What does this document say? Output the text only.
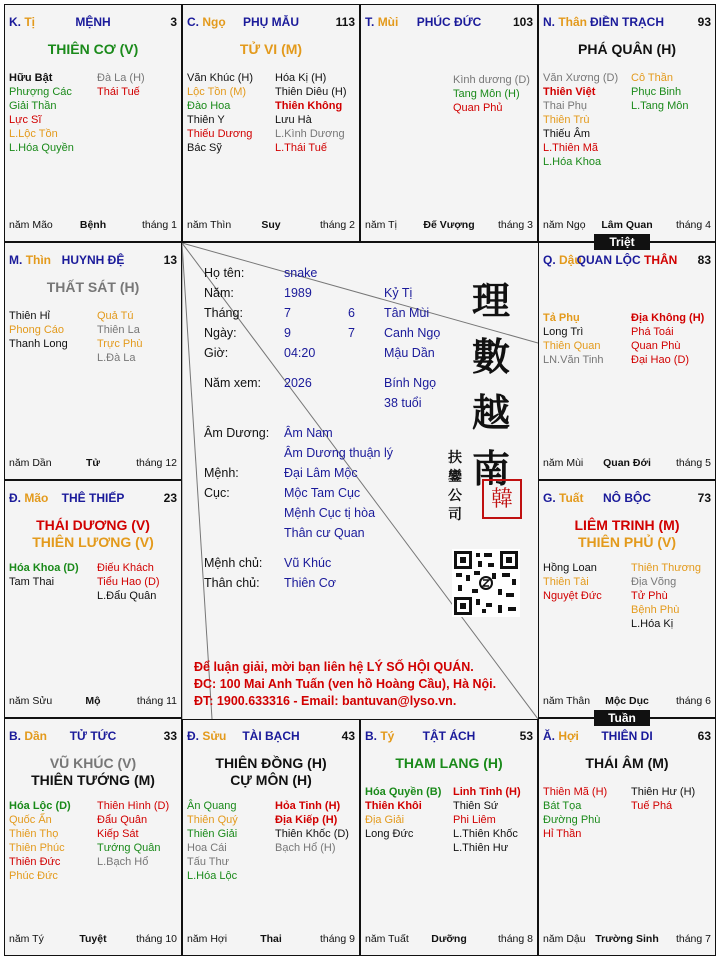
K. Tị	MỆNH	3
THIÊN CƠ (V)
Hữu Bật
Phượng Các
Giải Thần
Lực Sĩ
L.Lộc Tồn
L.Hóa Quyền
Đà La (H)
Thái Tuế
năm Mão	Bệnh	tháng 1
C. Ngọ	PHỤ MẪU	113
TỬ VI (M)
Văn Khúc (H)
Lộc Tồn (M)
Đào Hoa
Thiên Y
Thiếu Dương
Bác Sỹ
Hóa Kị (H)
Thiên Diêu (H)
Thiên Không
Lưu Hà
L.Kình Dương
L.Thái Tuế
năm Thìn	Suy	tháng 2
T. Mùi	PHÚC ĐỨC	103
Kình dương (D)
Tang Môn (H)
Quan Phủ
năm Tị	Đế Vượng	tháng 3
N. Thân ĐIỀN TRẠCH	93
PHÁ QUÂN (H)
Văn Xương (D)
Thiên Việt
Thai Phụ
Thiên Trù
Thiếu Âm
L.Thiên Mã
L.Hóa Khoa
Cô Thần
Phục Binh
L.Tang Môn
năm Ngọ	Lâm Quan	tháng 4
M. Thìn HUYNH ĐỆ	13
THẤT SÁT (H)
Thiên Hỉ
Phong Cáo
Thanh Long
Quả Tú
Thiên La
Trực Phù
L.Đà La
năm Dần	Tử	tháng 12
Q. Dậu
QUAN LỘC THÂN	83
Tả Phụ
Long Trì
Thiên Quan
LN.Văn Tinh
Địa Không (H)
Phá Toái
Quan Phù
Đại Hao (D)
năm Mùi	Quan Đới	tháng 5
Đ. Mão	THÊ THIẾP	23
THÁI DƯƠNG (V)
THIÊN LƯƠNG (V)
Hóa Khoa (D)
Tam Thai
Điếu Khách
Tiểu Hao (D)
L.Đẩu Quân
năm Sửu	Mộ	tháng 11
G. Tuất	NÔ BỘC	73
LIÊM TRINH (M)
THIÊN PHỦ (V)
Hồng Loan
Thiên Tài
Nguyệt Đức
Thiên Thương
Địa Võng
Tử Phù
Bệnh Phù
L.Hóa Kị
năm Thân	Mộc Dục	tháng 6
B. Dần	TỬ TỨC	33
VŨ KHÚC (V)
THIÊN TƯỚNG (M)
Hóa Lộc (D)
Quốc Ấn
Thiên Thọ
Thiên Phúc
Thiên Đức
Phúc Đức
Thiên Hình (D)
Đẩu Quân
Kiếp Sát
Tướng Quân
L.Bạch Hổ
năm Tý	Tuyệt	tháng 10
Đ. Sửu	TÀI BẠCH	43
THIÊN ĐỒNG (H)
CỰ MÔN (H)
Ân Quang
Thiên Quý
Thiên Giải
Hoa Cái
Tấu Thư
L.Hóa Lộc
Hỏa Tinh (H)
Địa Kiếp (H)
Thiên Khốc (D)
Bạch Hổ (H)
năm Hợi	Thai	tháng 9
B. Tý	TẬT ÁCH	53
THAM LANG (H)
Hóa Quyền (B)
Thiên Khôi
Địa Giải
Long Đức
Linh Tinh (H)
Thiên Sứ
Phi Liêm
L.Thiên Khốc
L.Thiên Hư
năm Tuất	Dưỡng	tháng 8
Ă. Hợi	THIÊN DI	63
THÁI ÂM (M)
Thiên Mã (H)
Bát Tọa
Đường Phù
Hỉ Thần
Thiên Hư (H)
Tuế Phá
năm Dậu Trường Sinh	tháng 7
Họ tên:	snake
Năm:	1989	Kỷ Tị
Tháng:	7	6 Tân Mùi
Ngày:	9	7 Canh Ngọ
Giờ:	04:20	Mậu Dần
Năm xem: 2026	Bính Ngọ
38 tuổi
Âm Dương: Âm Nam
Âm Dương thuận lý
Mệnh:	Đại Lâm Mộc
Cục:	Mộc Tam Cục
Mệnh Cục tị hòa
Thân cư Quan
Mệnh chủ: Vũ Khúc
Thân chủ: Thiên Cơ
理數越南
扶鑾公司
韓
Để luận giải, mời bạn liên hệ LÝ SỐ HỘI QUÁN.
ĐC: 100 Mai Anh Tuấn (ven hồ Hoàng Cầu), Hà Nội.
ĐT: 1900.633316 - Email: bantuvan@lyso.vn.
Triệt
Tuần
